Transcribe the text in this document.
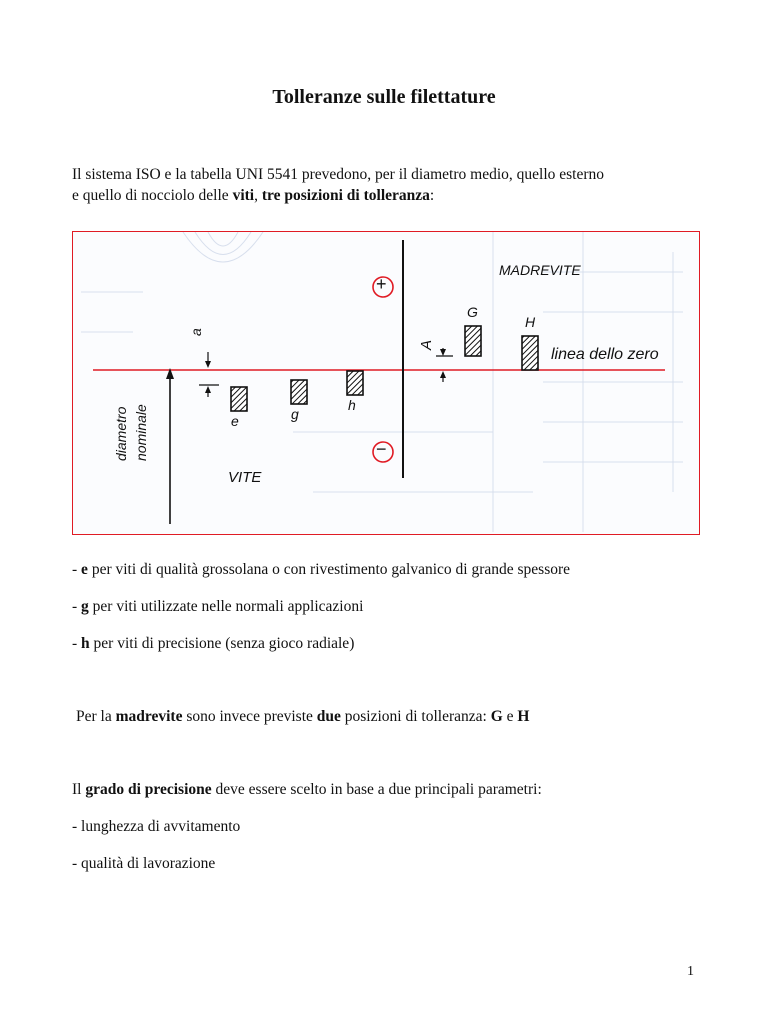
Tolleranze sulle filettature

Il sistema ISO e la tabella UNI 5541 prevedono, per il diametro medio, quello esterno
e quello di nocciolo delle viti, tre posizioni di tolleranza:

+
−
MADREVITE
VITE
linea dello zero
diametro nominale
a
A
e	g
h
G
H

- e per viti di qualità grossolana o con rivestimento galvanico di grande spessore

- g per viti utilizzate nelle normali applicazioni

- h per viti di precisione (senza gioco radiale)

Per la madrevite sono invece previste due posizioni di tolleranza: G e H

Il grado di precisione deve essere scelto in base a due principali parametri:

- lunghezza di avvitamento

- qualità di lavorazione

1
